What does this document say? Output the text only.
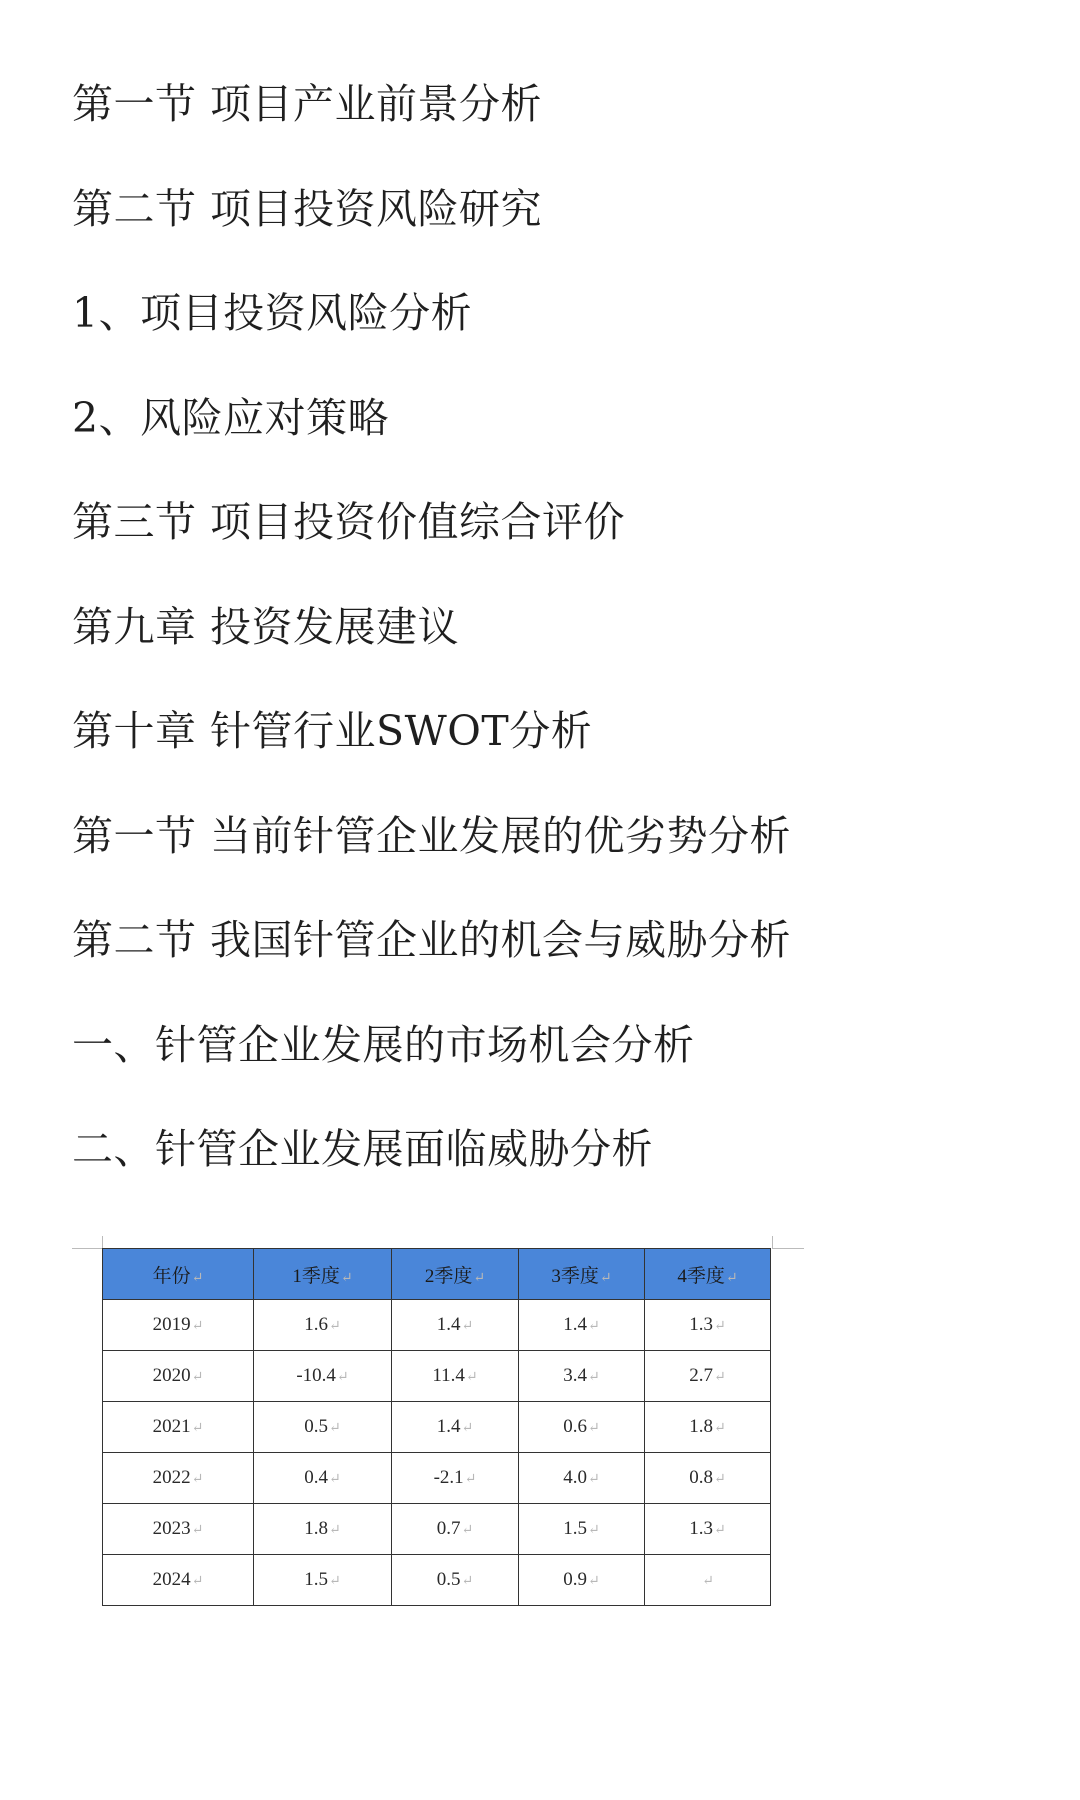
第一节 项目产业前景分析
第二节 项目投资风险研究
1、项目投资风险分析
2、风险应对策略
第三节 项目投资价值综合评价
第九章 投资发展建议
第十章 针管行业SWOT分析
第一节 当前针管企业发展的优劣势分析
第二节 我国针管企业的机会与威胁分析
一、针管企业发展的市场机会分析
二、针管企业发展面临威胁分析
年份↵	1季度↵	2季度↵	3季度↵	4季度↵
2019↵	1.6↵	1.4↵	1.4↵	1.3↵
2020↵	-10.4↵	11.4↵	3.4↵	2.7↵
2021↵	0.5↵	1.4↵	0.6↵	1.8↵
2022↵	0.4↵	-2.1↵	4.0↵	0.8↵
2023↵	1.8↵	0.7↵	1.5↵	1.3↵
2024↵	1.5↵	0.5↵	0.9↵	↵
